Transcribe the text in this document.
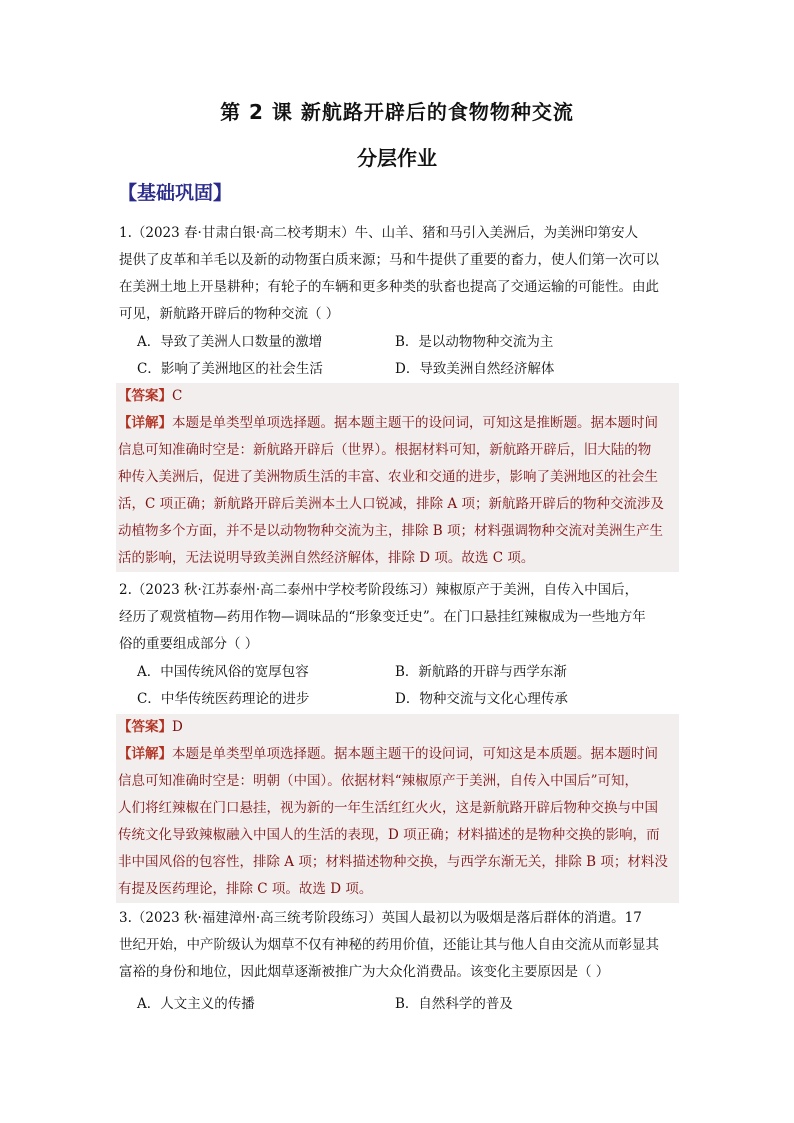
第 2 课 新航路开辟后的食物物种交流
分层作业
【基础巩固】

1.（2023 春·甘肃白银·高二校考期末）牛、山羊、猪和马引入美洲后，为美洲印第安人

提供了皮革和羊毛以及新的动物蛋白质来源；马和牛提供了重要的畜力，使人们第一次可以

在美洲土地上开垦耕种；有轮子的车辆和更多种类的驮畜也提高了交通运输的可能性。由此

可见，新航路开辟后的物种交流（ ）

A．导致了美洲人口数量的激增	B．是以动物物种交流为主
C．影响了美洲地区的社会生活	D．导致美洲自然经济解体
【答案】C

【详解】本题是单类型单项选择题。据本题主题干的设问词，可知这是推断题。据本题时间

信息可知准确时空是：新航路开辟后（世界）。根据材料可知，新航路开辟后，旧大陆的物

种传入美洲后，促进了美洲物质生活的丰富、农业和交通的进步，影响了美洲地区的社会生

活，C 项正确；新航路开辟后美洲本土人口锐减，排除 A 项；新航路开辟后的物种交流涉及

动植物多个方面，并不是以动物物种交流为主，排除 B 项；材料强调物种交流对美洲生产生

活的影响，无法说明导致美洲自然经济解体，排除 D 项。故选 C 项。

2.（2023 秋·江苏泰州·高二泰州中学校考阶段练习）辣椒原产于美洲，自传入中国后，

经历了观赏植物—药用作物—调味品的“形象变迁史”。在门口悬挂红辣椒成为一些地方年

俗的重要组成部分（ ）

A．中国传统风俗的宽厚包容	B．新航路的开辟与西学东渐
C．中华传统医药理论的进步	D．物种交流与文化心理传承
【答案】D

【详解】本题是单类型单项选择题。据本题主题干的设问词，可知这是本质题。据本题时间

信息可知准确时空是：明朝（中国）。依据材料“辣椒原产于美洲，自传入中国后”可知，

人们将红辣椒在门口悬挂，视为新的一年生活红红火火，这是新航路开辟后物种交换与中国

传统文化导致辣椒融入中国人的生活的表现，D 项正确；材料描述的是物种交换的影响，而

非中国风俗的包容性，排除 A 项；材料描述物种交换，与西学东渐无关，排除 B 项；材料没

有提及医药理论，排除 C 项。故选 D 项。

3.（2023 秋·福建漳州·高三统考阶段练习）英国人最初以为吸烟是落后群体的消遣。17

世纪开始，中产阶级认为烟草不仅有神秘的药用价值，还能让其与他人自由交流从而彰显其

富裕的身份和地位，因此烟草逐渐被推广为大众化消费品。该变化主要原因是（ ）

A．人文主义的传播	B．自然科学的普及
